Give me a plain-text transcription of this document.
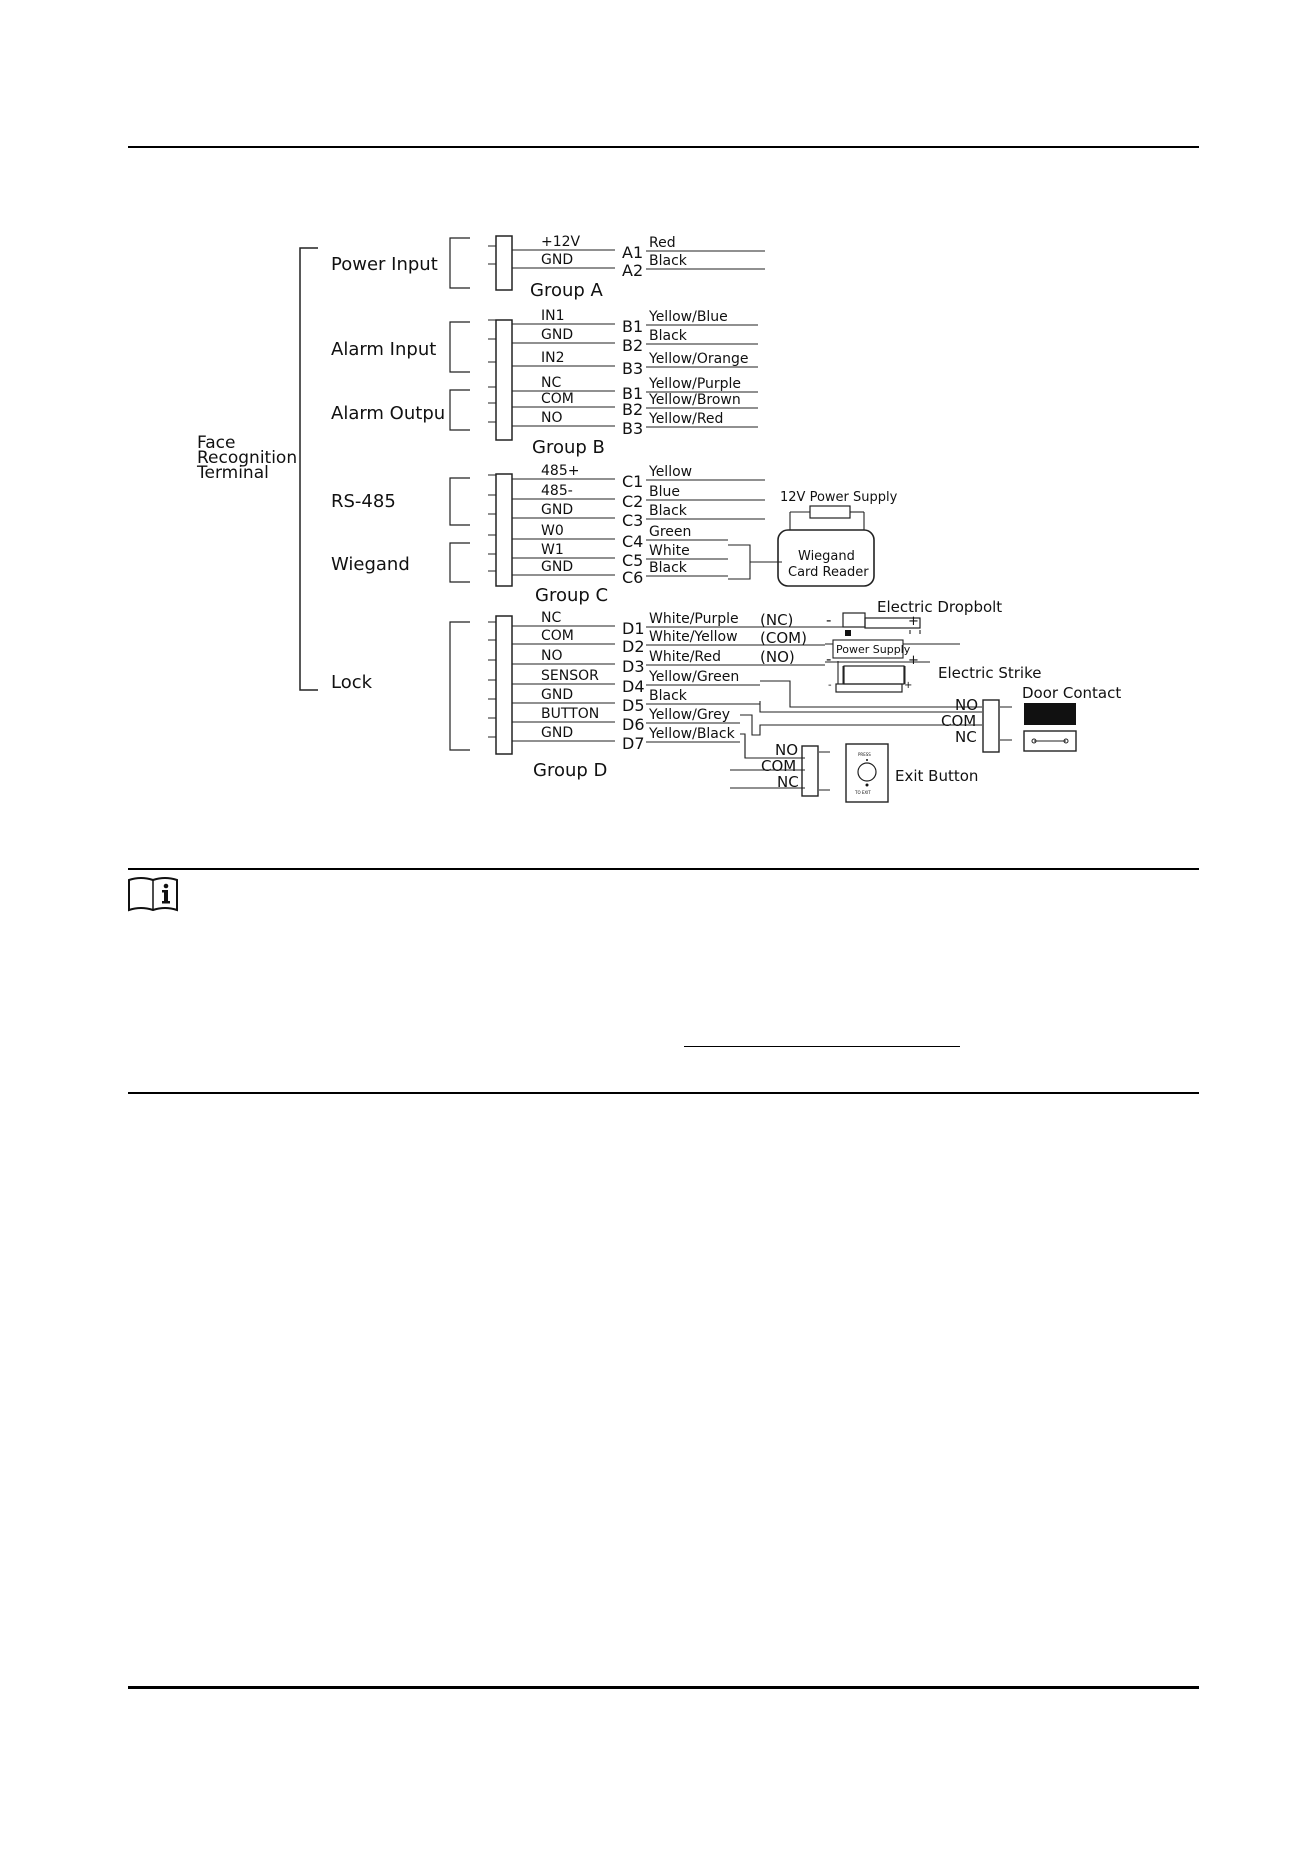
Face
Recognition
Terminal
Power Input
Alarm Input
Alarm Outpu
RS-485
Wiegand
Lock
Group A
Group B
Group C
Group D
+12V
A1 Red
GND
A2 Black
IN1
B1 Yellow/Blue
GND
B2 Black
IN2
B3 Yellow/Orange
NC
B1 Yellow/Purple
COM
B2 Yellow/Brown
NO
B3 Yellow/Red
485+
C1 Yellow
485-
C2 Blue
GND
C3 Black
W0
C4 Green
W1
C5 White
GND
C6 Black
NC
D1 White/Purple
COM
D2 White/Yellow
NO
D3 White/Red
SENSOR
D4 Yellow/Green
GND
D5 Black
BUTTON
D6 Yellow/Grey
GND
D7 Yellow/Black
12V Power Supply
Wiegand
Card Reader
Electric Dropbolt
-	+
Power Supply
-	+
Electric Strike
-	+	Door Contact
NO
COM
NC
PRESS
TO EXIT
Exit Button
NO
COM
NC
(NC)
(COM)
(NO)
